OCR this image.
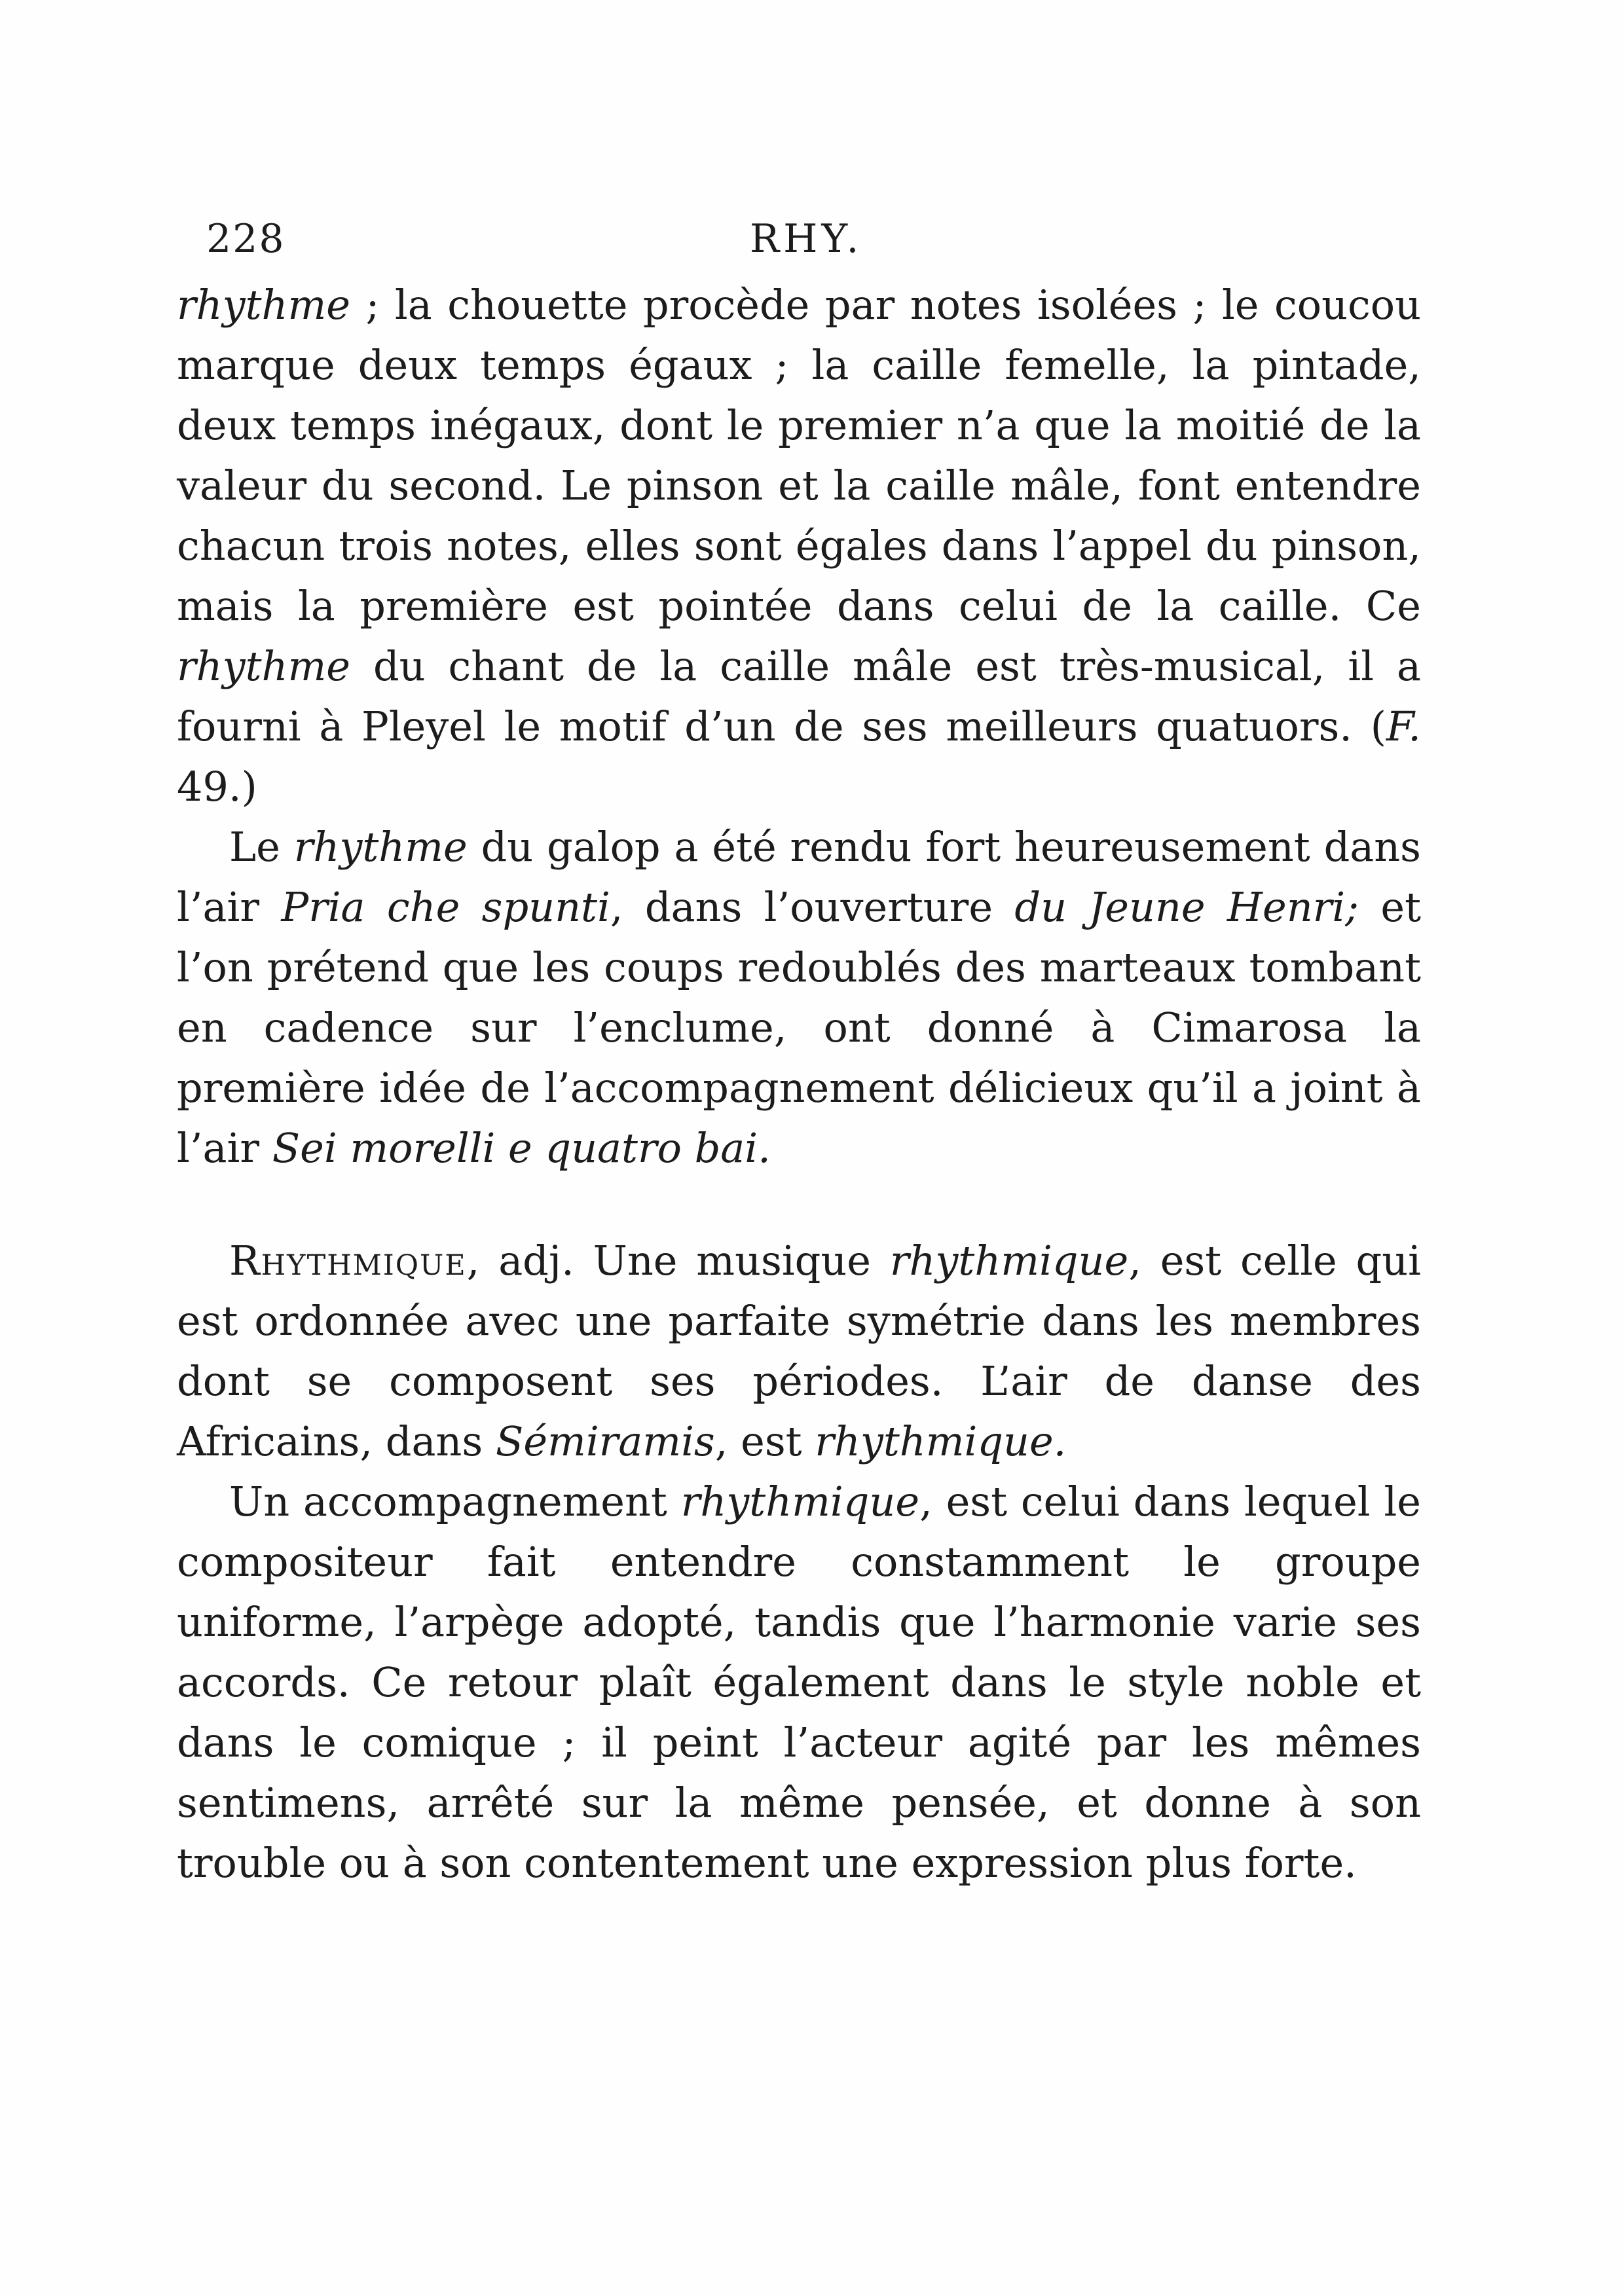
228	RHY.

rhythme ; la chouette procède par notes isolées ; le coucou marque deux temps égaux ; la caille femelle, la pintade, deux temps inégaux, dont le premier n’a que la moitié de la valeur du second. Le pinson et la caille mâle, font entendre chacun trois notes, elles sont égales dans l’appel du pinson, mais la première est pointée dans celui de la caille. Ce rhythme du chant de la caille mâle est très-musical, il a fourni à Pleyel le motif d’un de ses meilleurs quatuors. (F. 49.)

Le rhythme du galop a été rendu fort heureusement dans l’air Pria che spunti, dans l’ouverture du Jeune Henri; et l’on prétend que les coups redoublés des marteaux tombant en cadence sur l’enclume, ont donné à Cimarosa la première idée de l’accompagnement délicieux qu’il a joint à l’air Sei morelli e quatro bai.

Rhythmique, adj. Une musique rhythmique, est celle qui est ordonnée avec une parfaite symétrie dans les membres dont se composent ses périodes. L’air de danse des Africains, dans Sémiramis, est rhythmique.

Un accompagnement rhythmique, est celui dans lequel le compositeur fait entendre constamment le groupe uniforme, l’arpège adopté, tandis que l’harmonie varie ses accords. Ce retour plaît également dans le style noble et dans le comique ; il peint l’acteur agité par les mêmes sentimens, arrêté sur la même pensée, et donne à son trouble ou à son contentement une expression plus forte.
